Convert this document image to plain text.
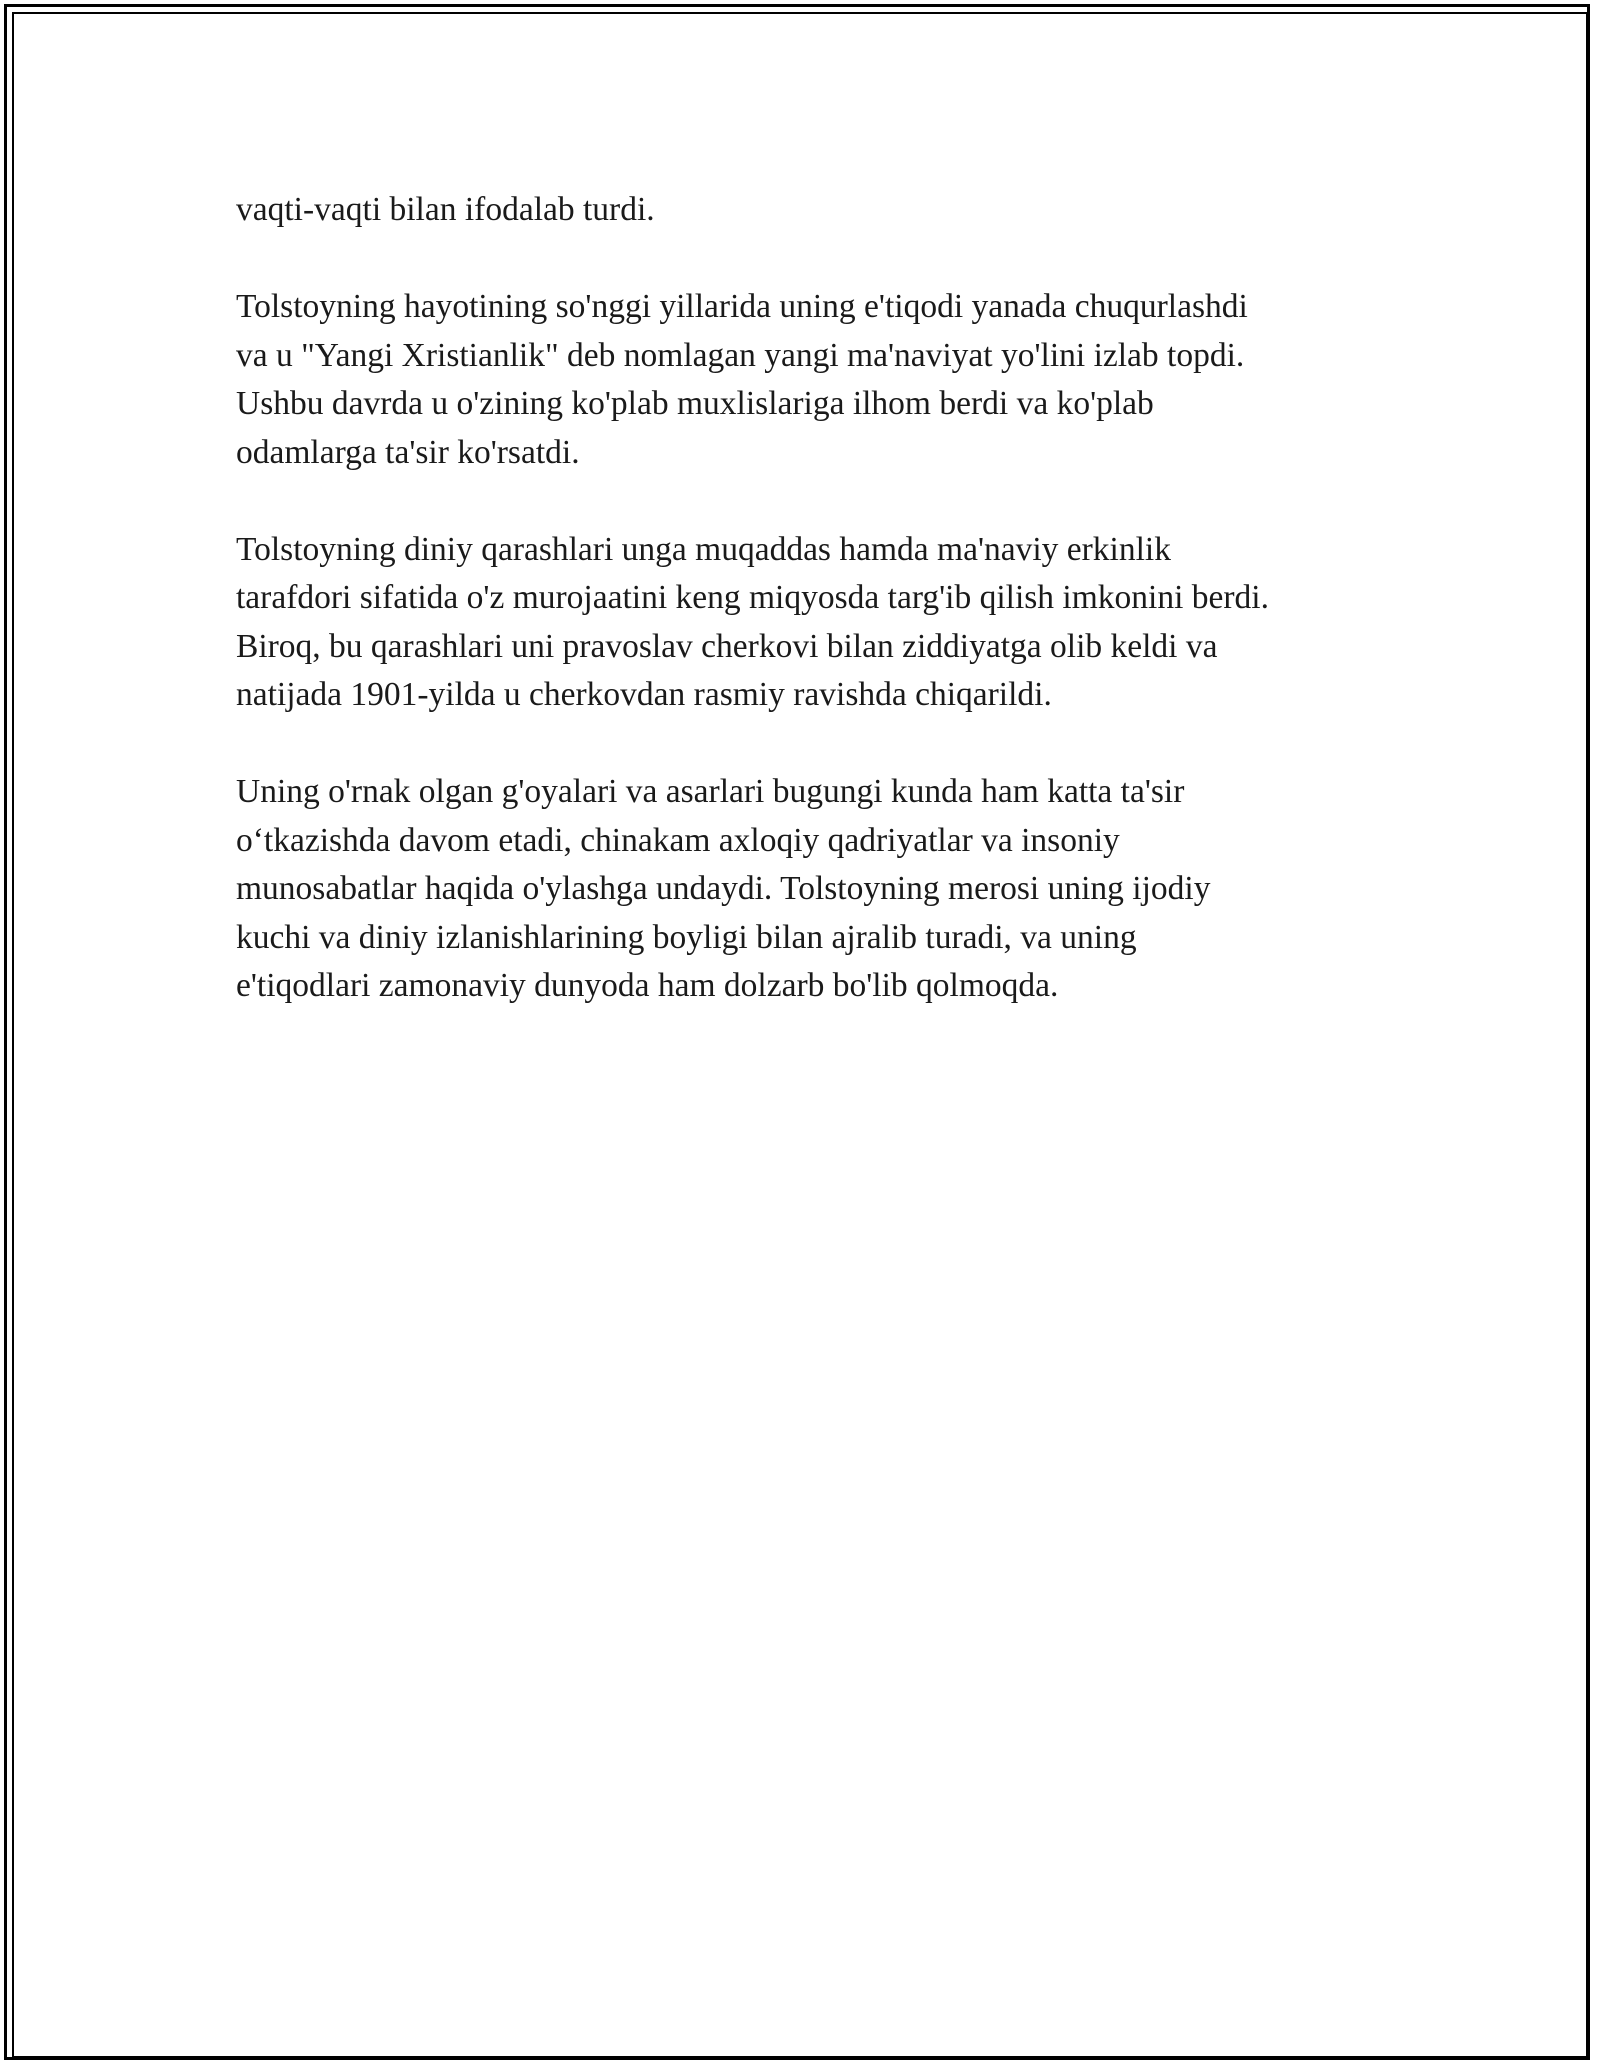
vaqti-vaqti bilan ifodalab turdi.

Tolstoyning hayotining so'nggi yillarida uning e'tiqodi yanada chuqurlashdi
va u "Yangi Xristianlik" deb nomlagan yangi ma'naviyat yo'lini izlab topdi.
Ushbu davrda u o'zining ko'plab muxlislariga ilhom berdi va ko'plab
odamlarga ta'sir ko'rsatdi.

Tolstoyning diniy qarashlari unga muqaddas hamda ma'naviy erkinlik
tarafdori sifatida o'z murojaatini keng miqyosda targ'ib qilish imkonini berdi.
Biroq, bu qarashlari uni pravoslav cherkovi bilan ziddiyatga olib keldi va
natijada 1901-yilda u cherkovdan rasmiy ravishda chiqarildi.

Uning o'rnak olgan g'oyalari va asarlari bugungi kunda ham katta ta'sir
o‘tkazishda davom etadi, chinakam axloqiy qadriyatlar va insoniy
munosabatlar haqida o'ylashga undaydi. Tolstoyning merosi uning ijodiy
kuchi va diniy izlanishlarining boyligi bilan ajralib turadi, va uning
e'tiqodlari zamonaviy dunyoda ham dolzarb bo'lib qolmoqda.
